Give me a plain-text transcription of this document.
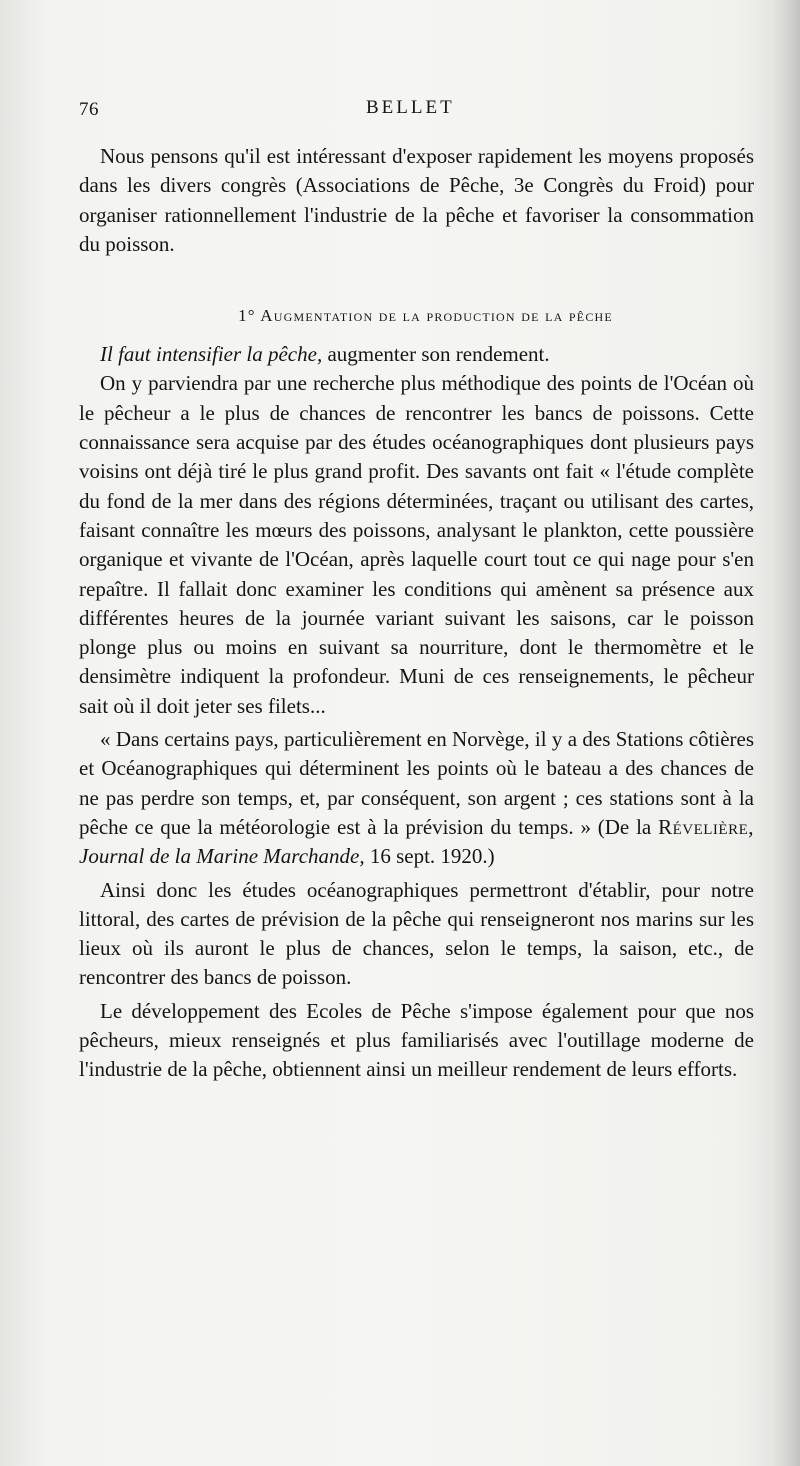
76	BELLET

Nous pensons qu'il est intéressant d'exposer rapidement les moyens proposés dans les divers congrès (Associations de Pêche, 3e Congrès du Froid) pour organiser rationnellement l'industrie de la pêche et favoriser la consommation du poisson.

1° Augmentation de la production de la pêche

Il faut intensifier la pêche, augmenter son rendement.

On y parviendra par une recherche plus méthodique des points de l'Océan où le pêcheur a le plus de chances de rencontrer les bancs de poissons. Cette connaissance sera acquise par des études océanographiques dont plusieurs pays voisins ont déjà tiré le plus grand profit. Des savants ont fait « l'étude complète du fond de la mer dans des régions déterminées, traçant ou utilisant des cartes, faisant connaître les mœurs des poissons, analysant le plankton, cette poussière organique et vivante de l'Océan, après laquelle court tout ce qui nage pour s'en repaître. Il fallait donc examiner les conditions qui amènent sa présence aux différentes heures de la journée variant suivant les saisons, car le poisson plonge plus ou moins en suivant sa nourriture, dont le thermomètre et le densimètre indiquent la profondeur. Muni de ces renseignements, le pêcheur sait où il doit jeter ses filets...

« Dans certains pays, particulièrement en Norvège, il y a des Stations côtières et Océanographiques qui déterminent les points où le bateau a des chances de ne pas perdre son temps, et, par conséquent, son argent ; ces stations sont à la pêche ce que la météorologie est à la prévision du temps. » (De la Révelière, Journal de la Marine Marchande, 16 sept. 1920.)

Ainsi donc les études océanographiques permettront d'établir, pour notre littoral, des cartes de prévision de la pêche qui renseigneront nos marins sur les lieux où ils auront le plus de chances, selon le temps, la saison, etc., de rencontrer des bancs de poisson.

Le développement des Ecoles de Pêche s'impose également pour que nos pêcheurs, mieux renseignés et plus familiarisés avec l'outillage moderne de l'industrie de la pêche, obtiennent ainsi un meilleur rendement de leurs efforts.
